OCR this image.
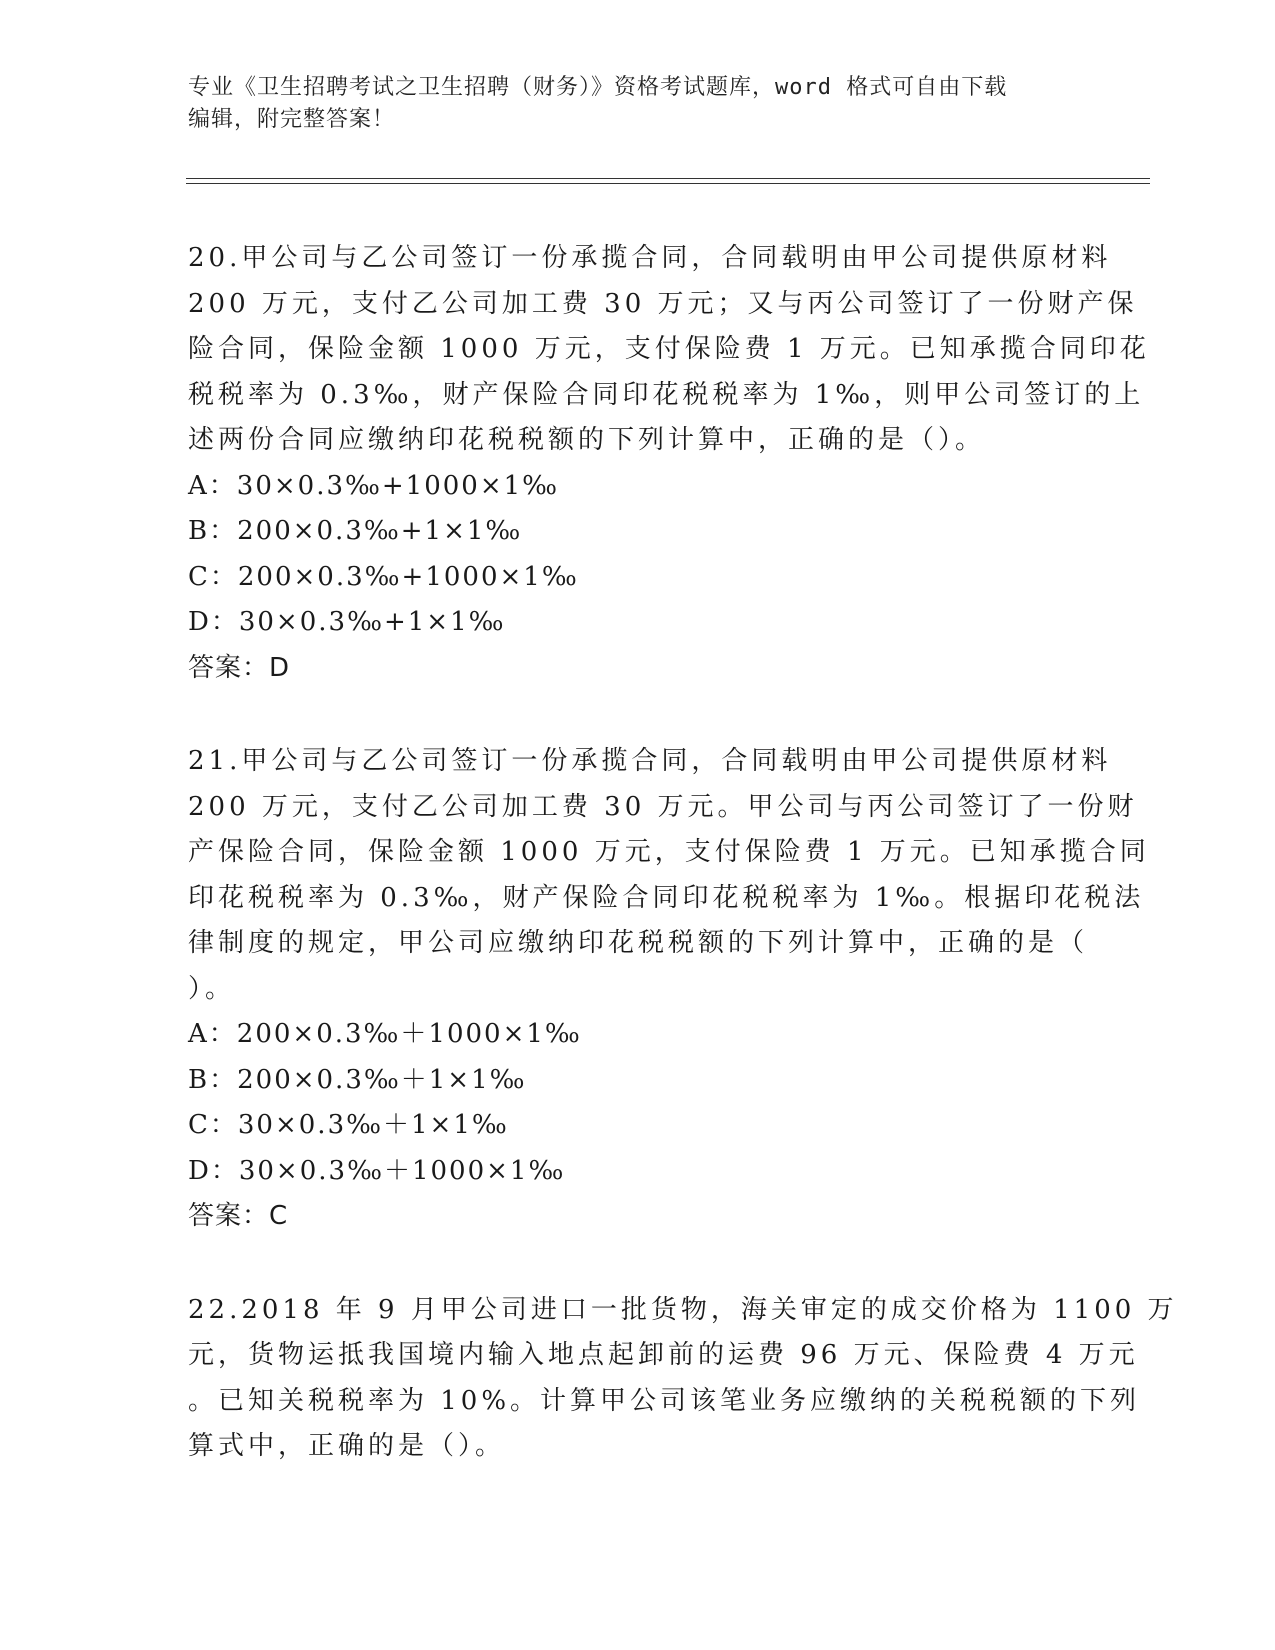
专业《卫生招聘考试之卫生招聘（财务）》资格考试题库，word 格式可自由下载
编辑，附完整答案！
20.甲公司与乙公司签订一份承揽合同，合同载明由甲公司提供原材料
200 万元，支付乙公司加工费 30 万元；又与丙公司签订了一份财产保
险合同，保险金额 1000 万元，支付保险费 1 万元。已知承揽合同印花
税税率为 0.3‰，财产保险合同印花税税率为 1‰，则甲公司签订的上
述两份合同应缴纳印花税税额的下列计算中，正确的是（）。
A：30×0.3‰+1000×1‰
B：200×0.3‰+1×1‰
C：200×0.3‰+1000×1‰
D：30×0.3‰+1×1‰
答案：D
21.甲公司与乙公司签订一份承揽合同，合同载明由甲公司提供原材料
200 万元，支付乙公司加工费 30 万元。甲公司与丙公司签订了一份财
产保险合同，保险金额 1000 万元，支付保险费 1 万元。已知承揽合同
印花税税率为 0.3‰，财产保险合同印花税税率为 1‰。根据印花税法
律制度的规定，甲公司应缴纳印花税税额的下列计算中，正确的是（
）。
A：200×0.3‰＋1000×1‰
B：200×0.3‰＋1×1‰
C：30×0.3‰＋1×1‰
D：30×0.3‰＋1000×1‰
答案：C
22.2018 年 9 月甲公司进口一批货物，海关审定的成交价格为 1100 万
元，货物运抵我国境内输入地点起卸前的运费 96 万元、保险费 4 万元
。已知关税税率为 10%。计算甲公司该笔业务应缴纳的关税税额的下列
算式中，正确的是（）。
